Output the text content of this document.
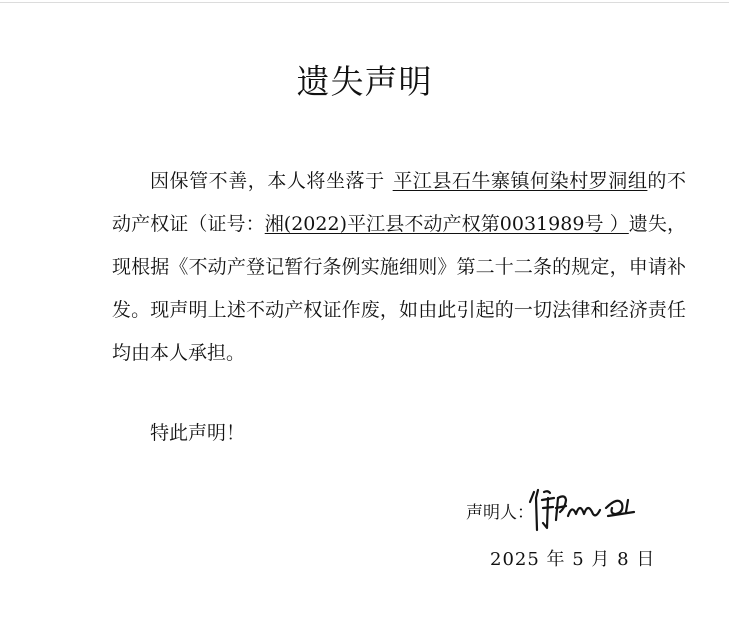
遗失声明

因保管不善，本人将坐落于 平江县石牛寨镇何染村罗洞组的不动产权证（证号：湘(2022)平江县不动产权第0031989号 ）遗失，现根据《不动产登记暂行条例实施细则》第二十二条的规定，申请补发。现声明上述不动产权证作废，如由此引起的一切法律和经济责任均由本人承担。

特此声明！
声明人：
2025 年 5 月 8 日
